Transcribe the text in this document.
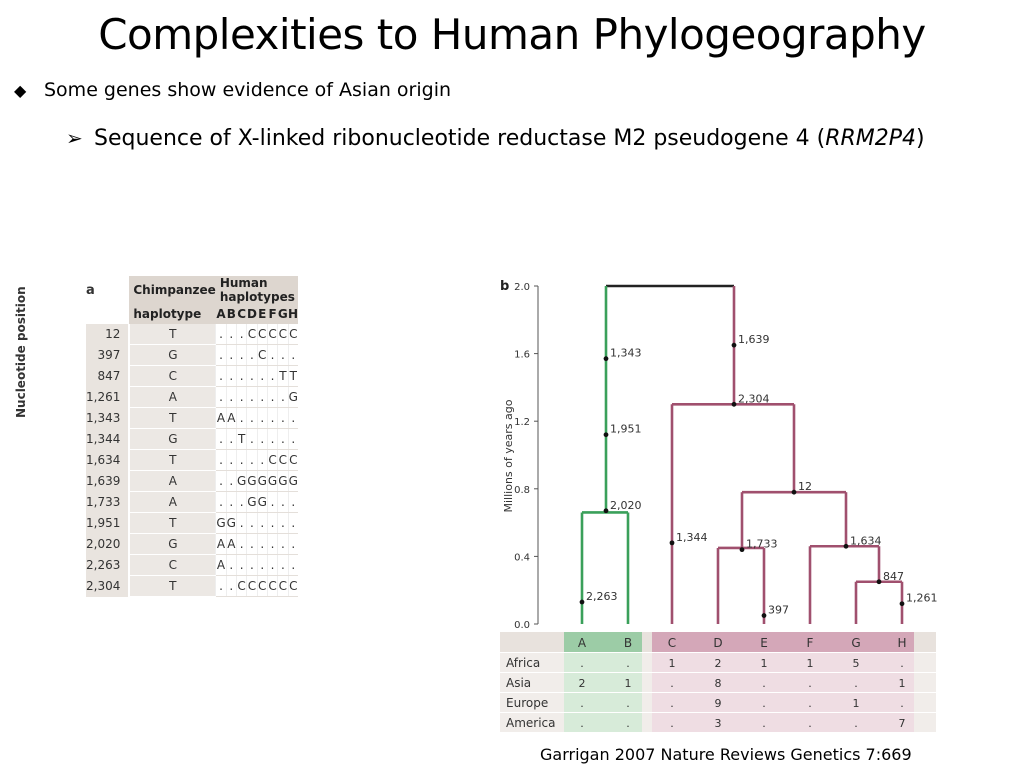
Complexities to Human Phylogeography
◆ Some genes show evidence of Asian origin
➢ Sequence of X-linked ribonucleotide reductase M2 pseudogene 4 (RRM2P4)
a	Chimpanzee	Human haplotypes							
	haplotype	A	B	C	D	E	F	G	H
	12	T	.	.	.	C	C	C	C	C
	397	G	.	.	.	.	C	.	.	.
	847	C	.	.	.	.	.	.	T	T
	1,261	A	.	.	.	.	.	.	.	G
	1,343	T	A	A	.	.	.	.	.	.
	1,344	G	.	.	T	.	.	.	.	.
	1,634	T	.	.	.	.	.	C	C	C
	1,639	A	.	.	G	G	G	G	G	G
	1,733	A	.	.	.	G	G	.	.	.
	1,951	T	G	G	.	.	.	.	.	.
	2,020	G	A	A	.	.	.	.	.	.
	2,263	C	A	.	.	.	.	.	.	.
	2,304	T	.	.	C	C	C	C	C	C
Nucleotide position	b 2.0
1.6
1.2
0.8
0.4
0.0
Millions of years ago
1,343
1,951
2,020
2,263
1,639
2,304
12
1,344
1,733
397
1,634
847
1,261
A	B	C	D	E	F	G	H
Africa	.	.	1	2	1	1	5	.
Asia	2	1	.	8	.	.	.	1
Europe	.	.	.	9	.	.	1	.
America .	.	.	3	.	.	.	7
Garrigan 2007 Nature Reviews Genetics 7:669
